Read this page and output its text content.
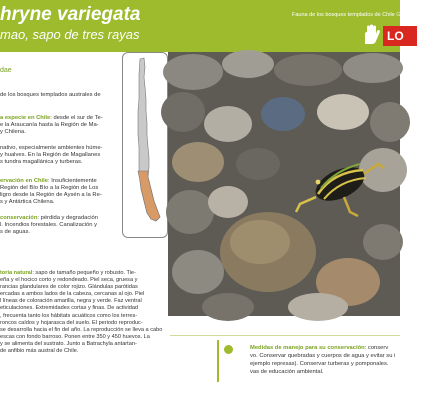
hryne variegata
mao, sapo de tres rayas
Fauna de los bosques templados de Chile Guía de campo
LO
dae
de los bosques templados australes de
a especie en Chile: desde el sur de Te-
e la Araucanía hasta la Región de Ma-
y Chilena.
nativo, especialmente ambientes húme-
y hualves. En la Región de Magallanes
s tundra magallánica y turberas.
ervación en Chile: Insuficientemente
Región del Bío Bío a la Región de Los
ligro desde la Región de Aysén a la Re-
s y Antártica Chilena.
conservación: pérdida y degradación
l. Incendios forestales. Canalización y
s de aguas.
toria natural: sapo de tamaño pequeño y robusto. Tie-
eña y el hocico corto y redondeado. Piel seca, gruesa y
rancias glandulares de color rojizo. Glándulas parótidas
ercadas a ambos lados de la cabeza, cercanas al ojo. Piel
l líneas de coloración amarilla, negra y verde. Faz ventral
eticulaciones. Extremidades cortas y finas. De actividad
, frecuenta tanto los hábitats acuáticos como los terres-
roncos caídos y hojarasca del suelo. El periodo reproduc-
se desarrolla hacia el fin del año. La reproducción se lleva a cabo
escas con fondo barroso. Ponen entre 350 y 450 huevos. La
y se alimenta del sustrato. Junto a Batrachyla antartan-
de anfibio más austral de Chile.
Medidas de manejo para su conservación: conserv
vo. Conservar quebradas y cuerpos de agua y evitar su i
ejemplo represas). Conservar turberas y pomponales.
vas de educación ambiental.
